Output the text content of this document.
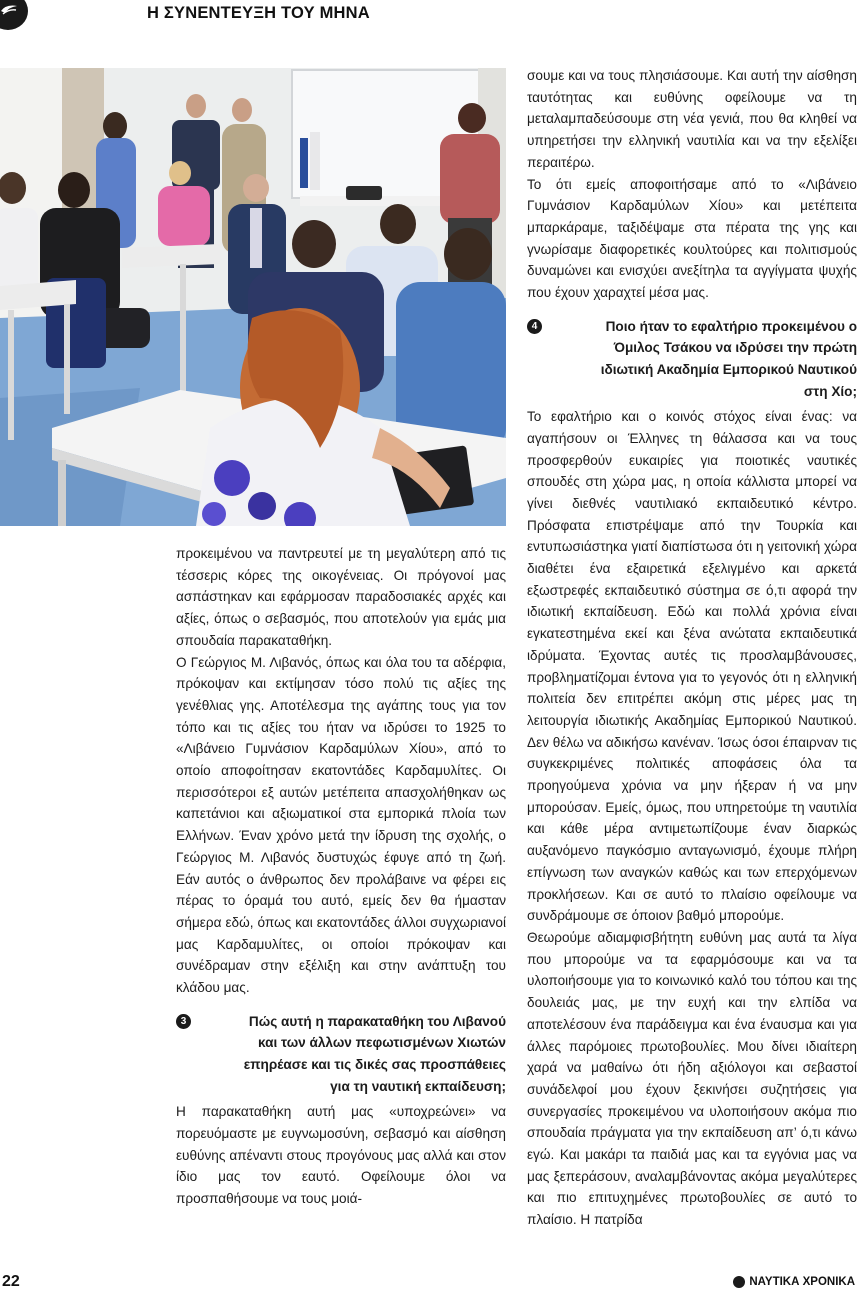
Η ΣΥΝΕΝΤΕΥΞΗ ΤΟΥ ΜΗΝΑ

προκειμένου να παντρευτεί με τη μεγαλύτερη από τις τέσσερις κόρες της οικογένειας. Οι πρόγονοί μας ασπάστηκαν και εφάρμοσαν παραδοσιακές αρχές και αξίες, όπως ο σεβασμός, που αποτελούν για εμάς μια σπουδαία παρακαταθήκη.

Ο Γεώργιος Μ. Λιβανός, όπως και όλα του τα αδέρφια, πρόκοψαν και εκτίμησαν τόσο πολύ τις αξίες της γενέθλιας γης. Αποτέλεσμα της αγάπης τους για τον τόπο και τις αξίες του ήταν να ιδρύσει το 1925 το «Λιβάνειο Γυμνάσιον Καρδαμύλων Χίου», από το οποίο αποφοίτησαν εκατοντάδες Καρδαμυλίτες. Οι περισσότεροι εξ αυτών μετέπειτα απασχολήθηκαν ως καπετάνιοι και αξιωματικοί στα εμπορικά πλοία των Ελλήνων. Έναν χρόνο μετά την ίδρυση της σχολής, ο Γεώργιος Μ. Λιβανός δυστυχώς έφυγε από τη ζωή. Εάν αυτός ο άνθρωπος δεν προλάβαινε να φέρει εις πέρας το όραμά του αυτό, εμείς δεν θα ήμασταν σήμερα εδώ, όπως και εκατοντάδες άλλοι συγχωριανοί μας Καρδαμυλίτες, οι οποίοι πρόκοψαν και συνέδραμαν στην εξέλιξη και στην ανάπτυξη του κλάδου μας.

3	Πώς αυτή η παρακαταθήκη του Λιβανού και των άλλων πεφωτισμένων Χιωτών επηρέασε και τις δικές σας προσπάθειες για τη ναυτική εκπαίδευση;

Η παρακαταθήκη αυτή μας «υποχρεώνει» να πορευόμαστε με ευγνωμοσύνη, σεβασμό και αίσθηση ευθύνης απέναντι στους προγόνους μας αλλά και στον ίδιο μας τον εαυτό. Οφείλουμε όλοι να προσπαθήσουμε να τους μοιά-

σουμε και να τους πλησιάσουμε. Και αυτή την αίσθηση ταυτότητας και ευθύνης οφείλουμε να τη μεταλαμπαδεύσουμε στη νέα γενιά, που θα κληθεί να υπηρετήσει την ελληνική ναυτιλία και να την εξελίξει περαιτέρω.

Το ότι εμείς αποφοιτήσαμε από το «Λιβάνειο Γυμνάσιον Καρδαμύλων Χίου» και μετέπειτα μπαρκάραμε, ταξιδέψαμε στα πέρατα της γης και γνωρίσαμε διαφορετικές κουλτούρες και πολιτισμούς δυναμώνει και ενισχύει ανεξίτηλα τα αγγίγματα ψυχής που έχουν χαραχτεί μέσα μας.

4	Ποιο ήταν το εφαλτήριο προκειμένου ο Όμιλος Τσάκου να ιδρύσει την πρώτη ιδιωτική Ακαδημία Εμπορικού Ναυτικού στη Χίο;

Το εφαλτήριο και ο κοινός στόχος είναι ένας: να αγαπήσουν οι Έλληνες τη θάλασσα και να τους προσφερθούν ευκαιρίες για ποιοτικές ναυτικές σπουδές στη χώρα μας, η οποία κάλλιστα μπορεί να γίνει διεθνές ναυτιλιακό εκπαιδευτικό κέντρο. Πρόσφατα επιστρέψαμε από την Τουρκία και εντυπωσιάστηκα γιατί διαπίστωσα ότι η γειτονική χώρα διαθέτει ένα εξαιρετικά εξελιγμένο και αρκετά εξωστρεφές εκπαιδευτικό σύστημα σε ό,τι αφορά την ιδιωτική εκπαίδευση. Εδώ και πολλά χρόνια είναι εγκατεστημένα εκεί και ξένα ανώτατα εκπαιδευτικά ιδρύματα. Έχοντας αυτές τις προσλαμβάνουσες, προβληματίζομαι έντονα για το γεγονός ότι η ελληνική πολιτεία δεν επιτρέπει ακόμη στις μέρες μας τη λειτουργία ιδιωτικής Ακαδημίας Εμπορικού Ναυτικού. Δεν θέλω να αδικήσω κανέναν. Ίσως όσοι έπαιρναν τις συγκεκριμένες πολιτικές αποφάσεις όλα τα προηγούμενα χρόνια να μην ήξεραν ή να μην μπορούσαν. Εμείς, όμως, που υπηρετούμε τη ναυτιλία και κάθε μέρα αντιμετωπίζουμε έναν διαρκώς αυξανόμενο παγκόσμιο ανταγωνισμό, έχουμε πλήρη επίγνωση των αναγκών καθώς και των επερχόμενων προκλήσεων. Και σε αυτό το πλαίσιο οφείλουμε να συνδράμουμε σε όποιον βαθμό μπορούμε.

Θεωρούμε αδιαμφισβήτητη ευθύνη μας αυτά τα λίγα που μπορούμε να τα εφαρμόσουμε και να τα υλοποιήσουμε για το κοινωνικό καλό του τόπου και της δουλειάς μας, με την ευχή και την ελπίδα να αποτελέσουν ένα παράδειγμα και ένα έναυσμα και για άλλες παρόμοιες πρωτοβουλίες. Μου δίνει ιδιαίτερη χαρά να μαθαίνω ότι ήδη αξιόλογοι και σεβαστοί συνάδελφοί μου έχουν ξεκινήσει συζητήσεις για συνεργασίες προκειμένου να υλοποιήσουν ακόμα πιο σπουδαία πράγματα για την εκπαίδευση απ’ ό,τι κάνω εγώ. Και μακάρι τα παιδιά μας και τα εγγόνια μας να μας ξεπεράσουν, αναλαμβάνοντας ακόμα μεγαλύτερες και πιο επιτυχημένες πρωτοβουλίες σε αυτό το πλαίσιο. Η πατρίδα

22	ΝΑΥΤΙΚΑ ΧΡΟΝΙΚΑ
